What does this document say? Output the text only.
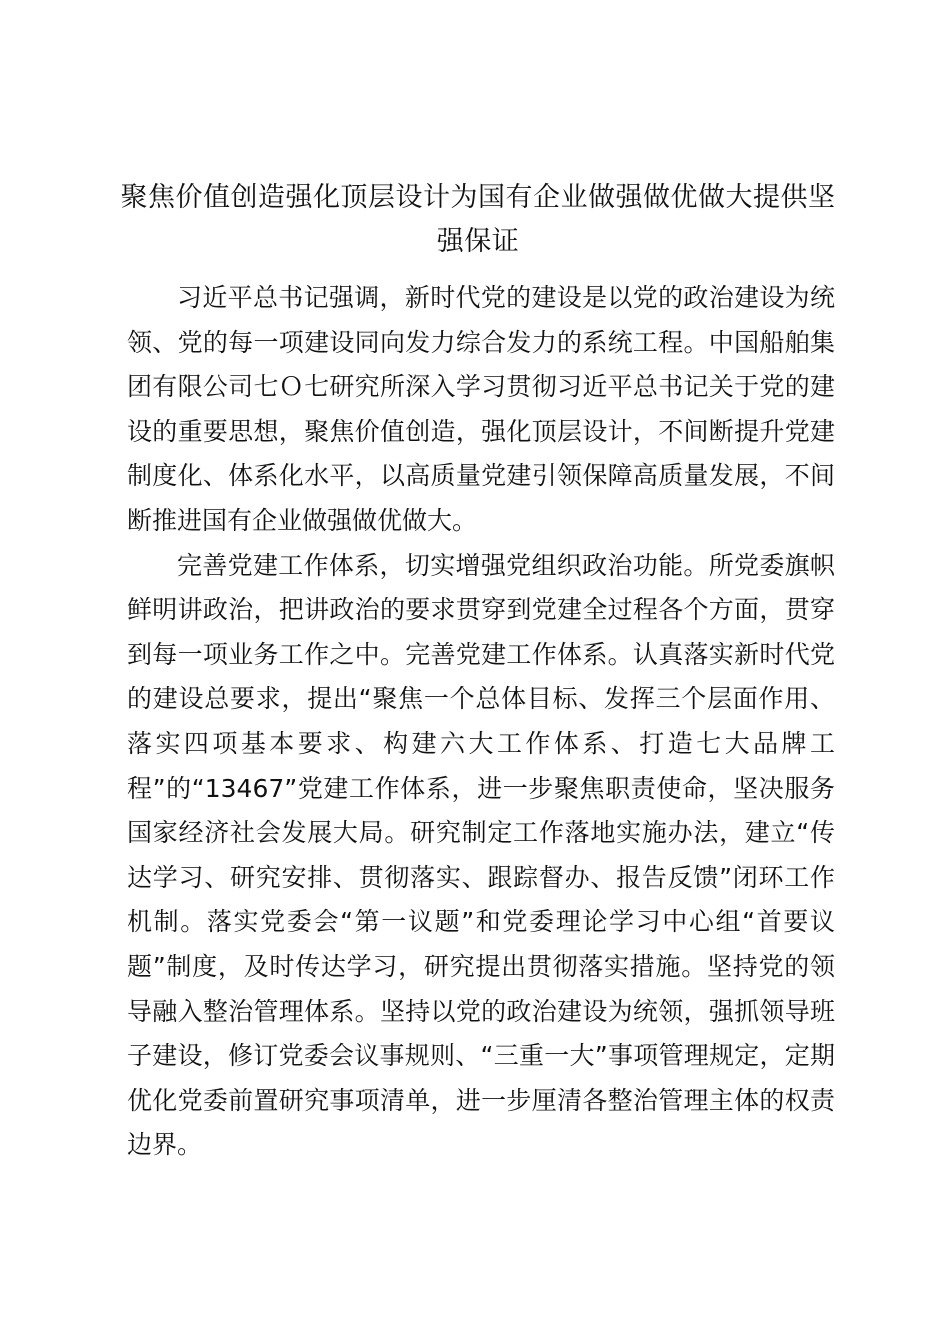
聚焦价值创造强化顶层设计为国有企业做强做优做大提供坚强保证

习近平总书记强调，新时代党的建设是以党的政治建设为统领、党的每一项建设同向发力综合发力的系统工程。中国船舶集团有限公司七Ｏ七研究所深入学习贯彻习近平总书记关于党的建设的重要思想，聚焦价值创造，强化顶层设计，不间断提升党建制度化、体系化水平，以高质量党建引领保障高质量发展，不间断推进国有企业做强做优做大。

完善党建工作体系，切实增强党组织政治功能。所党委旗帜鲜明讲政治，把讲政治的要求贯穿到党建全过程各个方面，贯穿到每一项业务工作之中。完善党建工作体系。认真落实新时代党的建设总要求，提出“聚焦一个总体目标、发挥三个层面作用、落实四项基本要求、构建六大工作体系、打造七大品牌工程”的“13467”党建工作体系，进一步聚焦职责使命，坚决服务国家经济社会发展大局。研究制定工作落地实施办法，建立“传达学习、研究安排、贯彻落实、跟踪督办、报告反馈”闭环工作机制。落实党委会“第一议题”和党委理论学习中心组“首要议题”制度，及时传达学习，研究提出贯彻落实措施。坚持党的领导融入整治管理体系。坚持以党的政治建设为统领，强抓领导班子建设，修订党委会议事规则、“三重一大”事项管理规定，定期优化党委前置研究事项清单，进一步厘清各整治管理主体的权责边界。
